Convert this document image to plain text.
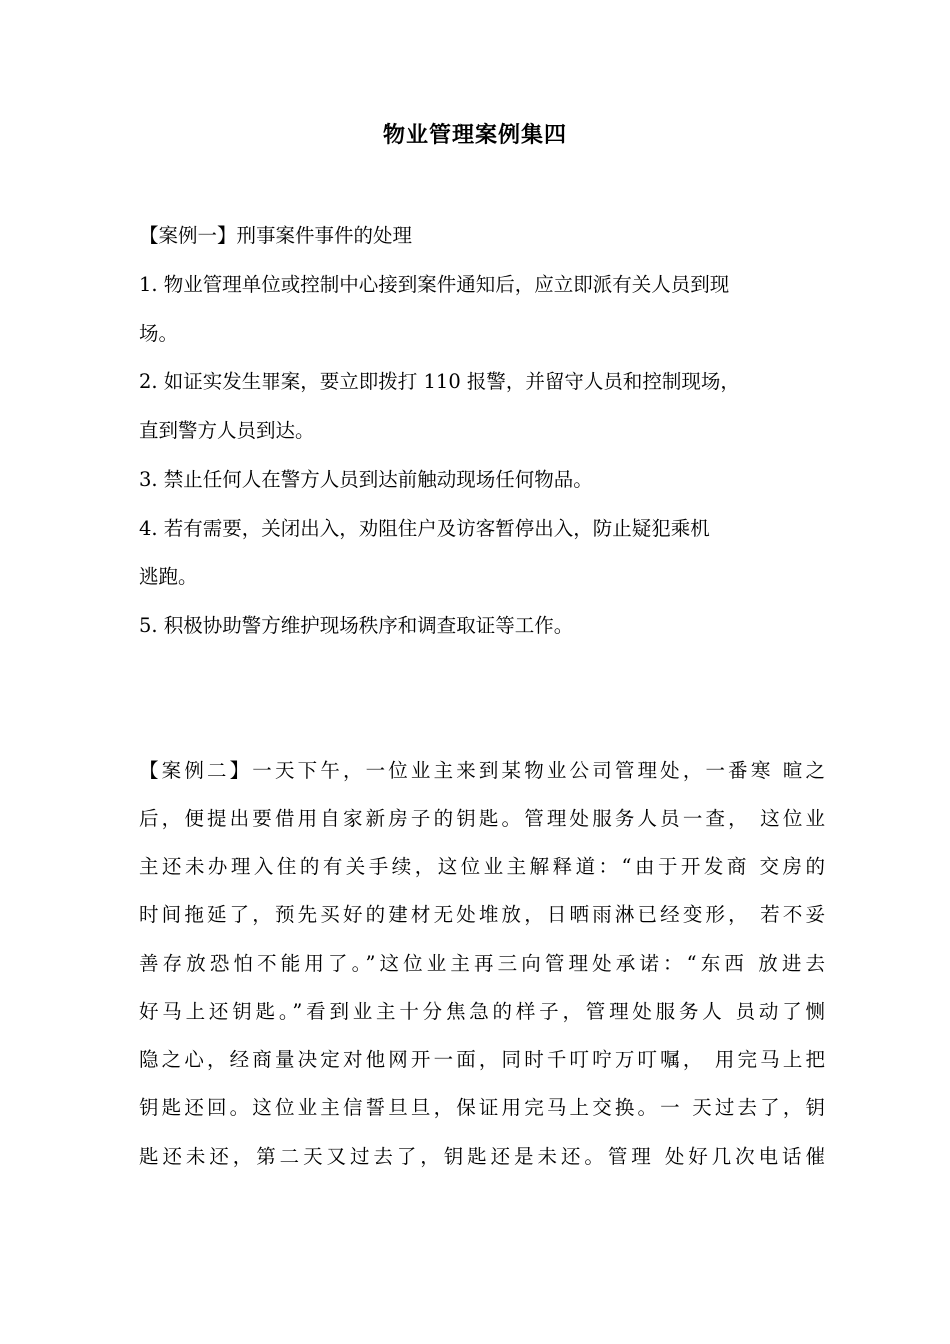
物业管理案例集四
【案例一】刑事案件事件的处理
1. 物业管理单位或控制中心接到案件通知后，应立即派有关人员到现
场。
2. 如证实发生罪案，要立即拨打 110 报警，并留守人员和控制现场，
直到警方人员到达。
3. 禁止任何人在警方人员到达前触动现场任何物品。
4. 若有需要，关闭出入，劝阻住户及访客暂停出入，防止疑犯乘机
逃跑。
5. 积极协助警方维护现场秩序和调查取证等工作。
【案例二】一天下午，一位业主来到某物业公司管理处，一番寒 暄之
后，便提出要借用自家新房子的钥匙。管理处服务人员一查， 这位业
主还未办理入住的有关手续，这位业主解释道：“由于开发商 交房的
时间拖延了，预先买好的建材无处堆放，日晒雨淋已经变形， 若不妥
善存放恐怕不能用了。”这位业主再三向管理处承诺：“东西 放进去
好马上还钥匙。”看到业主十分焦急的样子，管理处服务人 员动了恻
隐之心，经商量决定对他网开一面，同时千叮咛万叮嘱， 用完马上把
钥匙还回。这位业主信誓旦旦，保证用完马上交换。一 天过去了，钥
匙还未还，第二天又过去了，钥匙还是未还。管理 处好几次电话催
